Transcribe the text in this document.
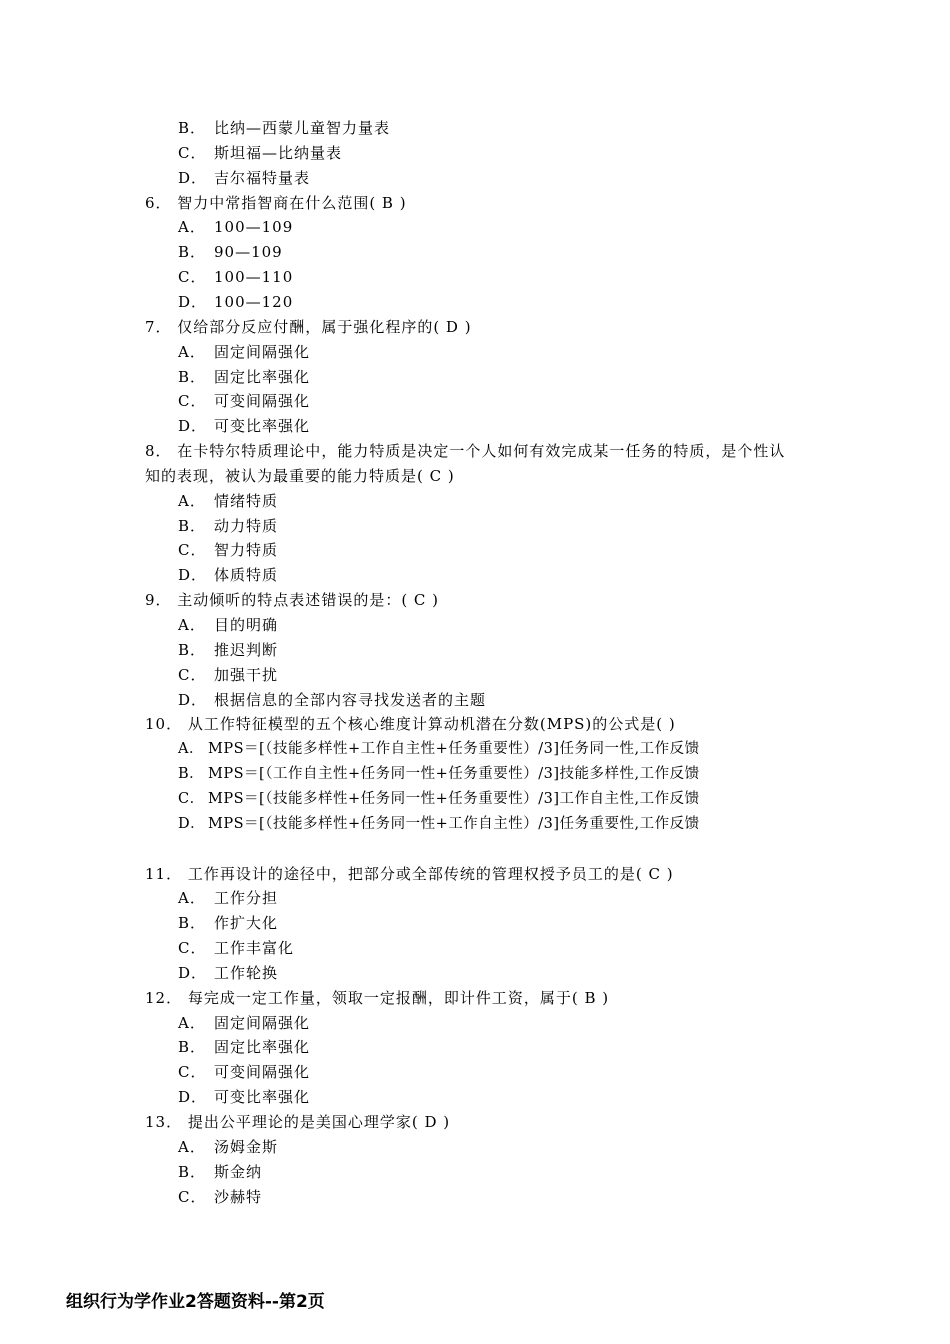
B． 比纳—西蒙儿童智力量表
C． 斯坦福—比纳量表
D． 吉尔福特量表
6． 智力中常指智商在什么范围( B )
A． 100—109
B． 90—109
C． 100—110
D． 100—120
7． 仅给部分反应付酬，属于强化程序的( D )
A． 固定间隔强化
B． 固定比率强化
C． 可变间隔强化
D． 可变比率强化
8． 在卡特尔特质理论中，能力特质是决定一个人如何有效完成某一任务的特质，是个性认
知的表现，被认为最重要的能力特质是( C )
A． 情绪特质
B． 动力特质
C． 智力特质
D． 体质特质
9． 主动倾听的特点表述错误的是：( C )
A． 目的明确
B． 推迟判断
C． 加强干扰
D． 根据信息的全部内容寻找发送者的主题
10． 从工作特征模型的五个核心维度计算动机潜在分数(MPS)的公式是( )
A． MPS＝[（技能多样性+工作自主性+任务重要性）/3]任务同一性,工作反馈
B． MPS＝[（工作自主性+任务同一性+任务重要性）/3]技能多样性,工作反馈
C． MPS＝[（技能多样性+任务同一性+任务重要性）/3]工作自主性,工作反馈
D． MPS＝[（技能多样性+任务同一性+工作自主性）/3]任务重要性,工作反馈
11． 工作再设计的途径中，把部分或全部传统的管理权授予员工的是( C )
A． 工作分担
B． 作扩大化
C． 工作丰富化
D． 工作轮换
12． 每完成一定工作量，领取一定报酬，即计件工资，属于( B )
A． 固定间隔强化
B． 固定比率强化
C． 可变间隔强化
D． 可变比率强化
13． 提出公平理论的是美国心理学家( D )
A． 汤姆金斯
B． 斯金纳
C． 沙赫特
组织行为学作业2答题资料--第2页
